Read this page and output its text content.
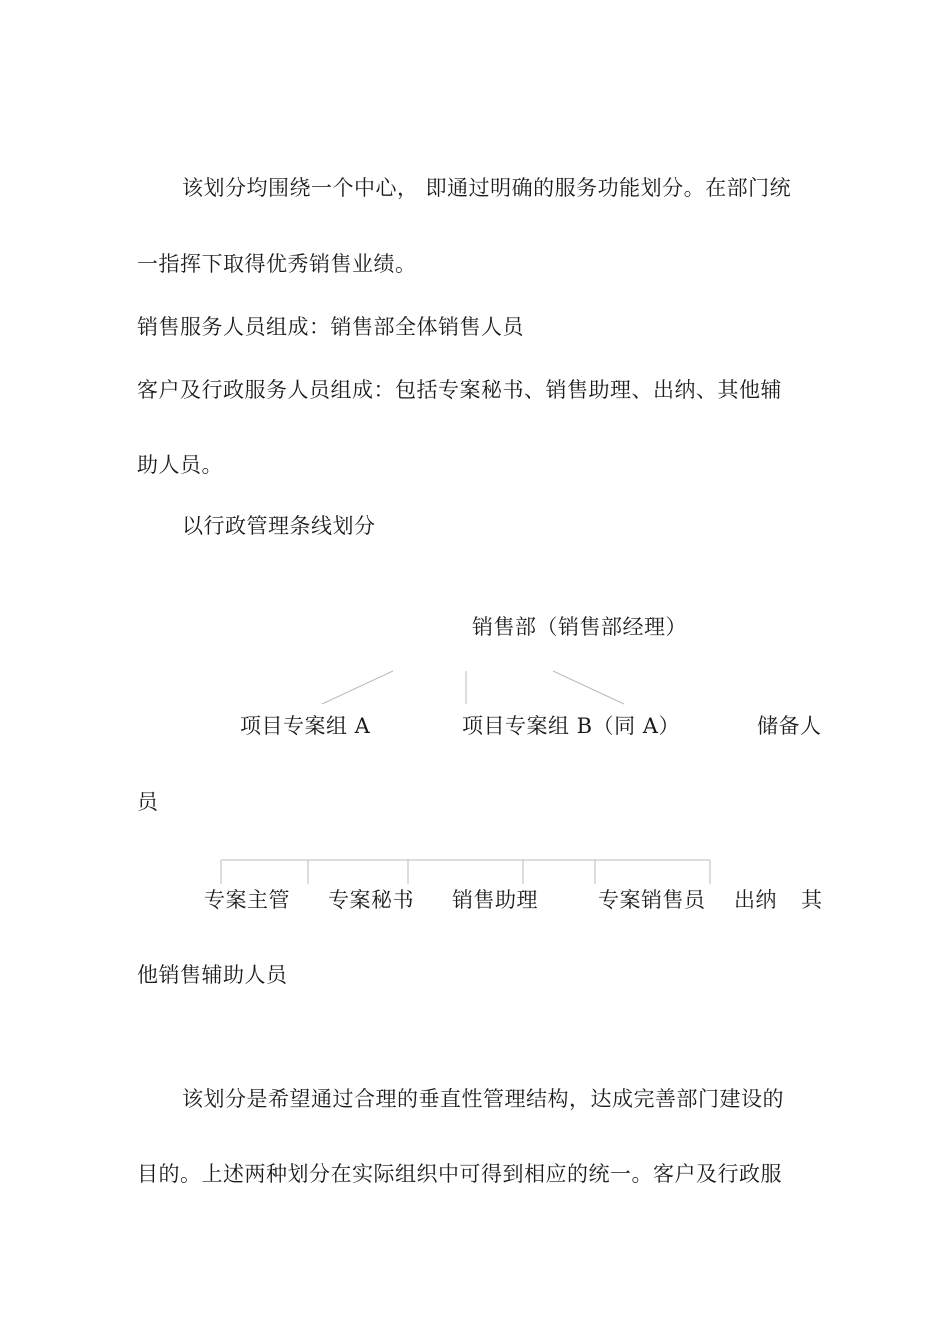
该划分均围绕一个中心， 即通过明确的服务功能划分。在部门统
一指挥下取得优秀销售业绩。
销售服务人员组成：销售部全体销售人员
客户及行政服务人员组成：包括专案秘书、销售助理、出纳、其他辅
助人员。
以行政管理条线划分
销售部（销售部经理）
项目专案组 A	项目专案组 B（同 A）	储备人
员
专案主管 专案秘书 销售助理	专案销售员 出纳 其
他销售辅助人员
该划分是希望通过合理的垂直性管理结构，达成完善部门建设的
目的。上述两种划分在实际组织中可得到相应的统一。客户及行政服
